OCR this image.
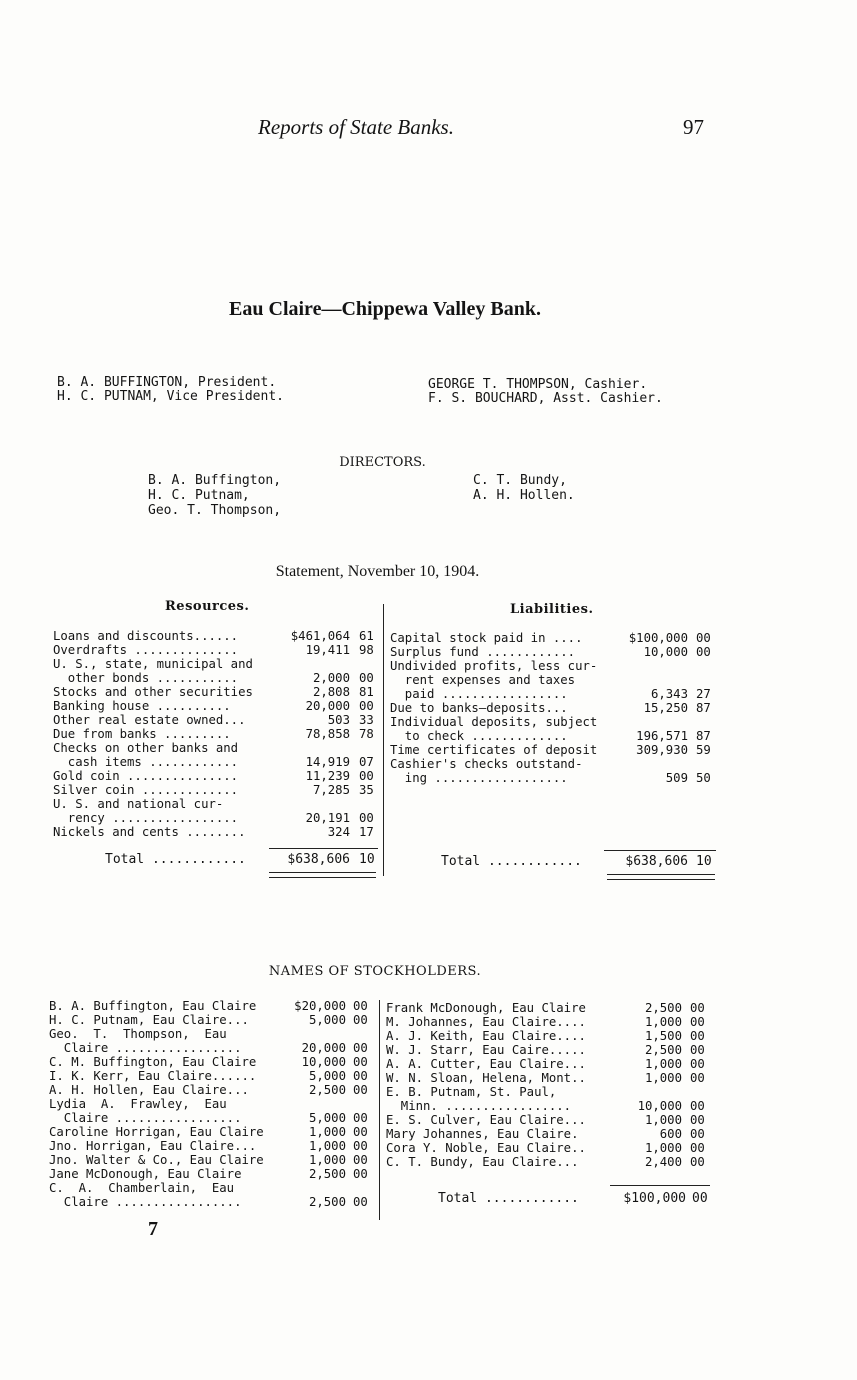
Reports of State Banks.	97
Eau Claire—Chippewa Valley Bank.
B. A. BUFFINGTON, President.
H. C. PUTNAM, Vice President.
GEORGE T. THOMPSON, Cashier.
F. S. BOUCHARD, Asst. Cashier.
DIRECTORS.
B. A. Buffington,
H. C. Putnam,
Geo. T. Thompson,
C. T. Bundy,
A. H. Hollen.
Statement, November 10, 1904.
Resources.	Liabilities.
Loans and discounts......	$461,064 61
Overdrafts ..............	19,411 98
U. S., state, municipal and
other bonds ...........	2,000 00
Stocks and other securities	2,808 81
Banking house ..........	20,000 00
Other real estate owned...	503 33
Due from banks .........	78,858 78
Checks on other banks and
cash items ............	14,919 07
Gold coin ...............	11,239 00
Silver coin .............	7,285 35
U. S. and national cur-
rency .................	20,191 00
Nickels and cents ........	324 17
Capital stock paid in ....	$100,000 00
Surplus fund ............	10,000 00
Undivided profits, less cur-
rent expenses and taxes
paid .................	6,343 27
Due to banks—deposits...	15,250 87
Individual deposits, subject
to check .............	196,571 87
Time certificates of deposit	309,930 59
Cashier's checks outstand-
ing ..................	509 50
Total ............	$638,606 10	Total ............	$638,606 10
NAMES OF STOCKHOLDERS.
B. A. Buffington, Eau Claire	$20,000 00
H. C. Putnam, Eau Claire...	5,000 00
Geo.  T.  Thompson,  Eau
Claire .................	20,000 00
C. M. Buffington, Eau Claire	10,000 00
I. K. Kerr, Eau Claire......	5,000 00
A. H. Hollen, Eau Claire...	2,500 00
Lydia  A.  Frawley,  Eau
Claire .................	5,000 00
Caroline Horrigan, Eau Claire	1,000 00
Jno. Horrigan, Eau Claire...	1,000 00
Jno. Walter & Co., Eau Claire	1,000 00
Jane McDonough, Eau Claire	2,500 00
C.  A.  Chamberlain,  Eau
Claire .................	2,500 00
Frank McDonough, Eau Claire	2,500 00
M. Johannes, Eau Claire....	1,000 00
A. J. Keith, Eau Claire....	1,500 00
W. J. Starr, Eau Caire.....	2,500 00
A. A. Cutter, Eau Claire...	1,000 00
W. N. Sloan, Helena, Mont..	1,000 00
E. B. Putnam, St. Paul,
Minn. .................	10,000 00
E. S. Culver, Eau Claire...	1,000 00
Mary Johannes, Eau Claire.	600 00
Cora Y. Noble, Eau Claire..	1,000 00
C. T. Bundy, Eau Claire...	2,400 00
Total ............	$100,000 00
7
